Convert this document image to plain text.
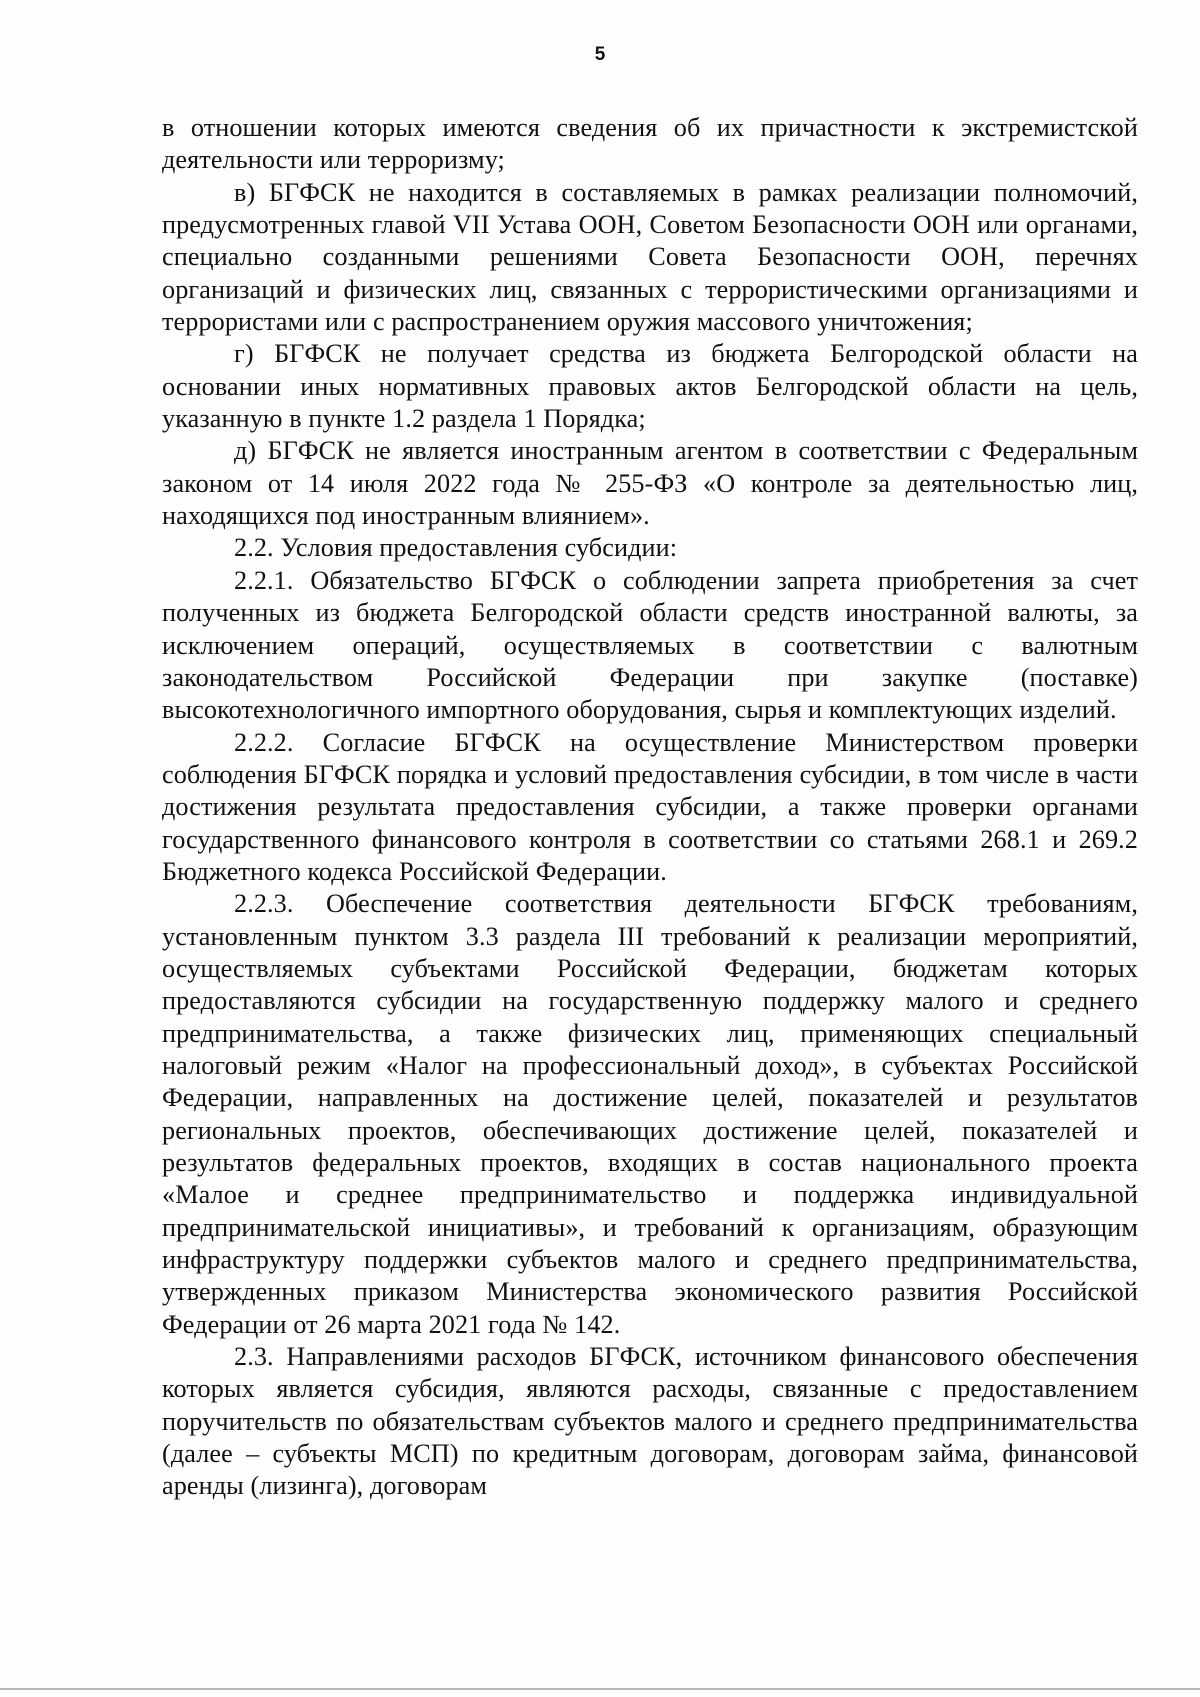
5

в отношении которых имеются сведения об их причастности к экстремистской деятельности или терроризму;

в) БГФСК не находится в составляемых в рамках реализации полномочий, предусмотренных главой VII Устава ООН, Советом Безопасности ООН или органами, специально созданными решениями Совета Безопасности ООН, перечнях организаций и физических лиц, связанных с террористическими организациями и террористами или с распространением оружия массового уничтожения;

г) БГФСК не получает средства из бюджета Белгородской области на основании иных нормативных правовых актов Белгородской области на цель, указанную в пункте 1.2 раздела 1 Порядка;

д) БГФСК не является иностранным агентом в соответствии с Федеральным законом от 14 июля 2022 года № 255-ФЗ «О контроле за деятельностью лиц, находящихся под иностранным влиянием».

2.2. Условия предоставления субсидии:

2.2.1. Обязательство БГФСК о соблюдении запрета приобретения за счет полученных из бюджета Белгородской области средств иностранной валюты, за исключением операций, осуществляемых в соответствии с валютным законодательством Российской Федерации при закупке (поставке) высокотехнологичного импортного оборудования, сырья и комплектующих изделий.

2.2.2. Согласие БГФСК на осуществление Министерством проверки соблюдения БГФСК порядка и условий предоставления субсидии, в том числе в части достижения результата предоставления субсидии, а также проверки органами государственного финансового контроля в соответствии со статьями 268.1 и 269.2 Бюджетного кодекса Российской Федерации.

2.2.3. Обеспечение соответствия деятельности БГФСК требованиям, установленным пунктом 3.3 раздела III требований к реализации мероприятий, осуществляемых субъектами Российской Федерации, бюджетам которых предоставляются субсидии на государственную поддержку малого и среднего предпринимательства, а также физических лиц, применяющих специальный налоговый режим «Налог на профессиональный доход», в субъектах Российской Федерации, направленных на достижение целей, показателей и результатов региональных проектов, обеспечивающих достижение целей, показателей и результатов федеральных проектов, входящих в состав национального проекта «Малое и среднее предпринимательство и поддержка индивидуальной предпринимательской инициативы», и требований к организациям, образующим инфраструктуру поддержки субъектов малого и среднего предпринимательства, утвержденных приказом Министерства экономического развития Российской Федерации от 26 марта 2021 года № 142.

2.3. Направлениями расходов БГФСК, источником финансового обеспечения которых является субсидия, являются расходы, связанные с предоставлением поручительств по обязательствам субъектов малого и среднего предпринимательства (далее – субъекты МСП) по кредитным договорам, договорам займа, финансовой аренды (лизинга), договорам
